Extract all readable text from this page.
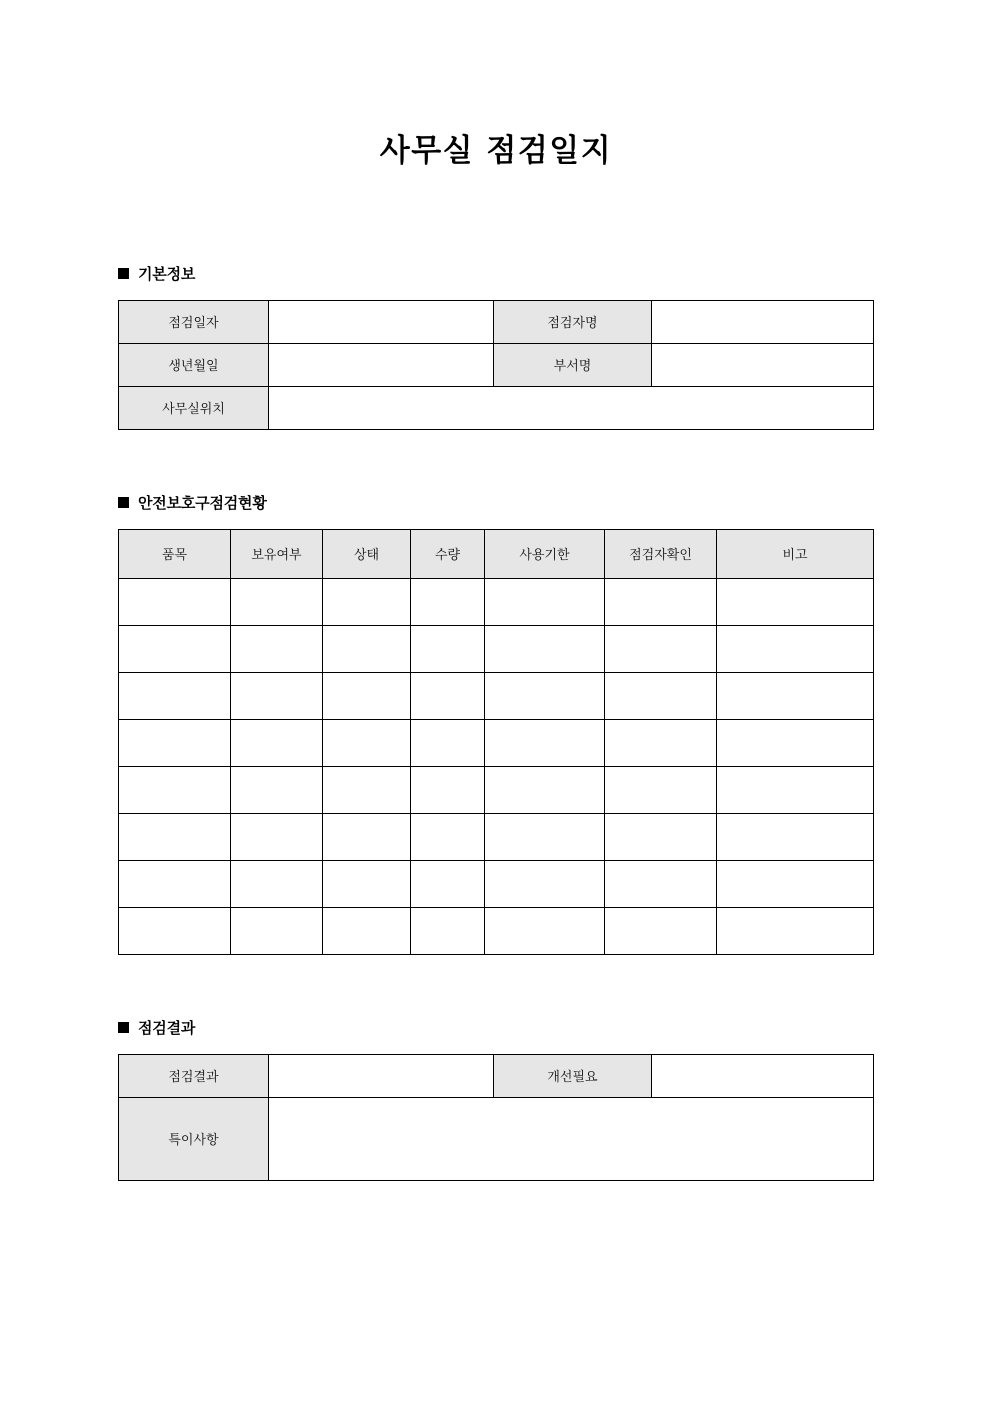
사무실 점검일지
기본정보
점검일자		점검자명	
생년월일		부서명	
사무실위치			
안전보호구점검현황
품목	보유여부	상태	수량	사용기한	점검자확인	비고

점검결과
점검결과		개선필요	
특이사항			
